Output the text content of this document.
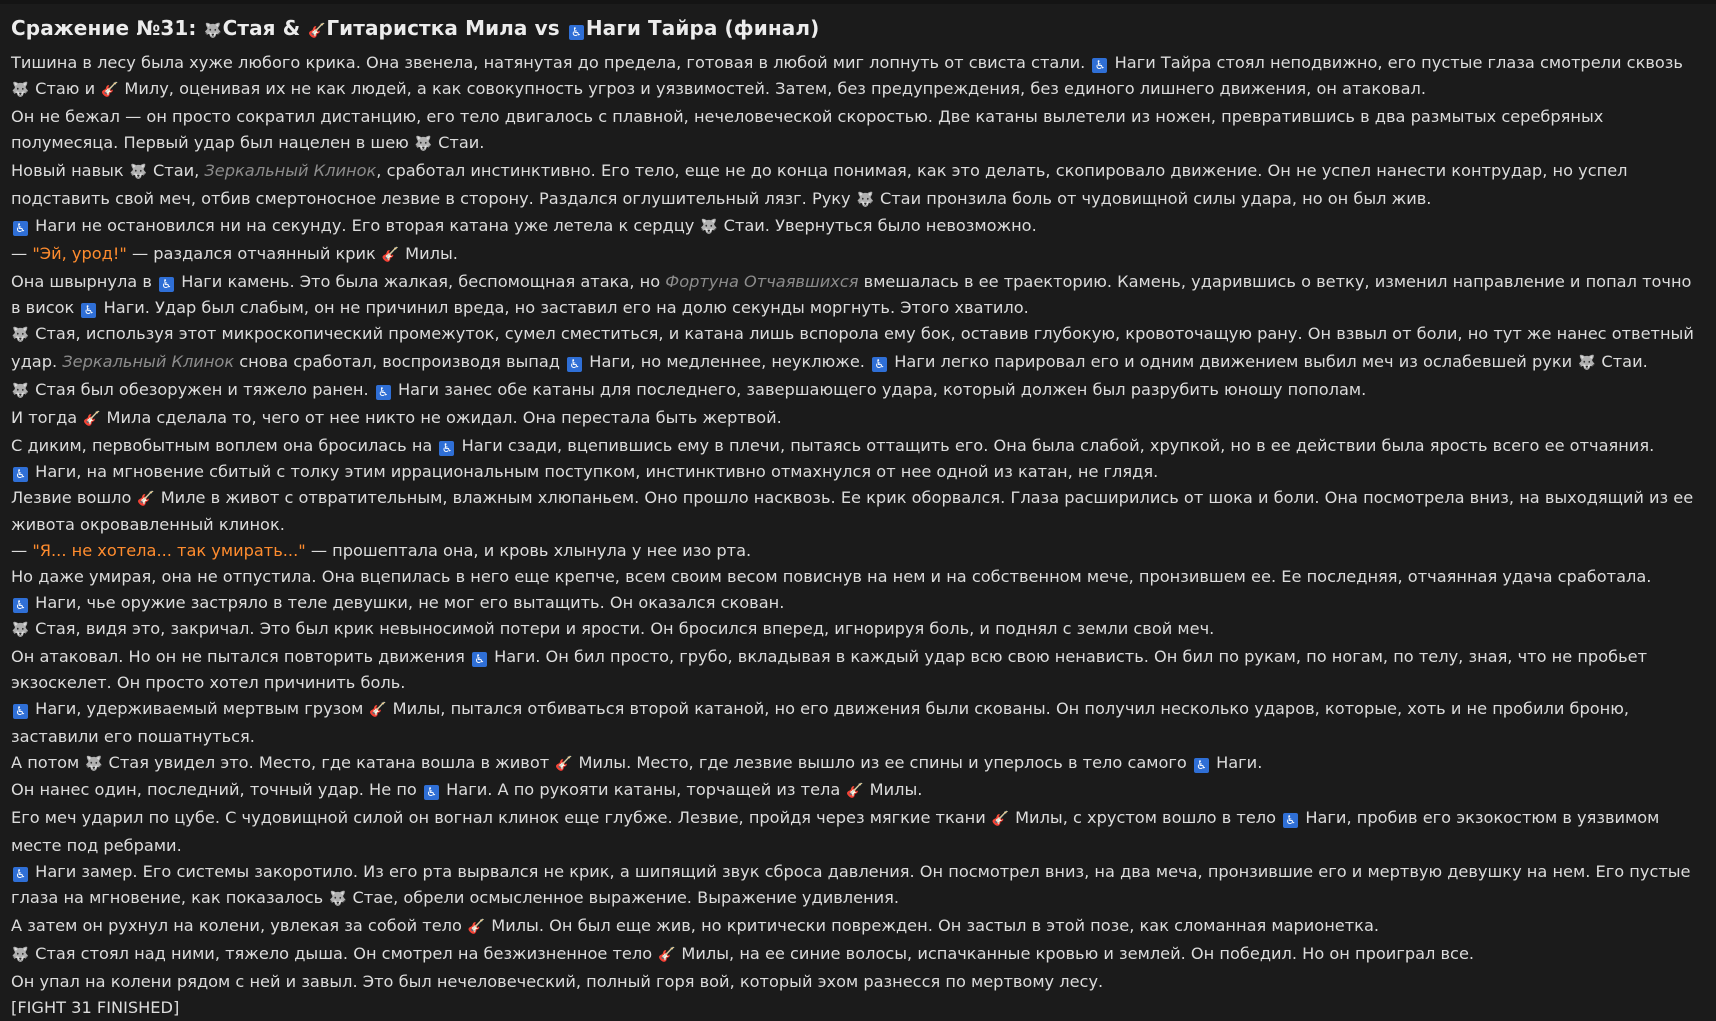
Сражение №31: 🐺Стая & 🎸Гитаристка Мила vs ♿ Наги Тайра (финал)

Тишина в лесу была хуже любого крика. Она звенела, натянутая до предела, готовая в любой миг лопнуть от свиста стали. ♿ Наги Тайра стоял неподвижно, его пустые глаза смотрели сквозь 🐺 Стаю и 🎸 Милу, оценивая их не как людей, а как совокупность угроз и уязвимостей. Затем, без предупреждения, без единого лишнего движения, он атаковал.

Он не бежал — он просто сократил дистанцию, его тело двигалось с плавной, нечеловеческой скоростью. Две катаны вылетели из ножен, превратившись в два размытых серебряных полумесяца. Первый удар был нацелен в шею 🐺 Стаи.

Новый навык 🐺 Стаи, Зеркальный Клинок, сработал инстинктивно. Его тело, еще не до конца понимая, как это делать, скопировало движение. Он не успел нанести контрудар, но успел подставить свой меч, отбив смертоносное лезвие в сторону. Раздался оглушительный лязг. Руку 🐺 Стаи пронзила боль от чудовищной силы удара, но он был жив.

♿ Наги не остановился ни на секунду. Его вторая катана уже летела к сердцу 🐺 Стаи. Увернуться было невозможно.

— "Эй, урод!" — раздался отчаянный крик 🎸 Милы.

Она швырнула в ♿ Наги камень. Это была жалкая, беспомощная атака, но Фортуна Отчаявшихся вмешалась в ее траекторию. Камень, ударившись о ветку, изменил направление и попал точно в висок ♿ Наги. Удар был слабым, он не причинил вреда, но заставил его на долю секунды моргнуть. Этого хватило.

🐺 Стая, используя этот микроскопический промежуток, сумел сместиться, и катана лишь вспорола ему бок, оставив глубокую, кровоточащую рану. Он взвыл от боли, но тут же нанес ответный удар. Зеркальный Клинок снова сработал, воспроизводя выпад ♿ Наги, но медленнее, неуклюже. ♿ Наги легко парировал его и одним движением выбил меч из ослабевшей руки 🐺 Стаи.

🐺 Стая был обезоружен и тяжело ранен. ♿ Наги занес обе катаны для последнего, завершающего удара, который должен был разрубить юношу пополам.

И тогда 🎸 Мила сделала то, чего от нее никто не ожидал. Она перестала быть жертвой.

С диким, первобытным воплем она бросилась на ♿ Наги сзади, вцепившись ему в плечи, пытаясь оттащить его. Она была слабой, хрупкой, но в ее действии была ярость всего ее отчаяния.

♿ Наги, на мгновение сбитый с толку этим иррациональным поступком, инстинктивно отмахнулся от нее одной из катан, не глядя.

Лезвие вошло 🎸 Миле в живот с отвратительным, влажным хлюпаньем. Оно прошло насквозь. Ее крик оборвался. Глаза расширились от шока и боли. Она посмотрела вниз, на выходящий из ее живота окровавленный клинок.

— "Я... не хотела... так умирать..." — прошептала она, и кровь хлынула у нее изо рта.

Но даже умирая, она не отпустила. Она вцепилась в него еще крепче, всем своим весом повиснув на нем и на собственном мече, пронзившем ее. Ее последняя, отчаянная удача сработала.

♿ Наги, чье оружие застряло в теле девушки, не мог его вытащить. Он оказался скован.

🐺 Стая, видя это, закричал. Это был крик невыносимой потери и ярости. Он бросился вперед, игнорируя боль, и поднял с земли свой меч.

Он атаковал. Но он не пытался повторить движения ♿ Наги. Он бил просто, грубо, вкладывая в каждый удар всю свою ненависть. Он бил по рукам, по ногам, по телу, зная, что не пробьет экзоскелет. Он просто хотел причинить боль.

♿ Наги, удерживаемый мертвым грузом 🎸 Милы, пытался отбиваться второй катаной, но его движения были скованы. Он получил несколько ударов, которые, хоть и не пробили броню, заставили его пошатнуться.

А потом 🐺 Стая увидел это. Место, где катана вошла в живот 🎸 Милы. Место, где лезвие вышло из ее спины и уперлось в тело самого ♿ Наги.

Он нанес один, последний, точный удар. Не по ♿ Наги. А по рукояти катаны, торчащей из тела 🎸 Милы.

Его меч ударил по цубе. С чудовищной силой он вогнал клинок еще глубже. Лезвие, пройдя через мягкие ткани 🎸 Милы, с хрустом вошло в тело ♿ Наги, пробив его экзокостюм в уязвимом месте под ребрами.

♿ Наги замер. Его системы закоротило. Из его рта вырвался не крик, а шипящий звук сброса давления. Он посмотрел вниз, на два меча, пронзившие его и мертвую девушку на нем. Его пустые глаза на мгновение, как показалось 🐺 Стае, обрели осмысленное выражение. Выражение удивления.

А затем он рухнул на колени, увлекая за собой тело 🎸 Милы. Он был еще жив, но критически поврежден. Он застыл в этой позе, как сломанная марионетка.

🐺 Стая стоял над ними, тяжело дыша. Он смотрел на безжизненное тело 🎸 Милы, на ее синие волосы, испачканные кровью и землей. Он победил. Но он проиграл все.

Он упал на колени рядом с ней и завыл. Это был нечеловеческий, полный горя вой, который эхом разнесся по мертвому лесу.

[FIGHT 31 FINISHED]
